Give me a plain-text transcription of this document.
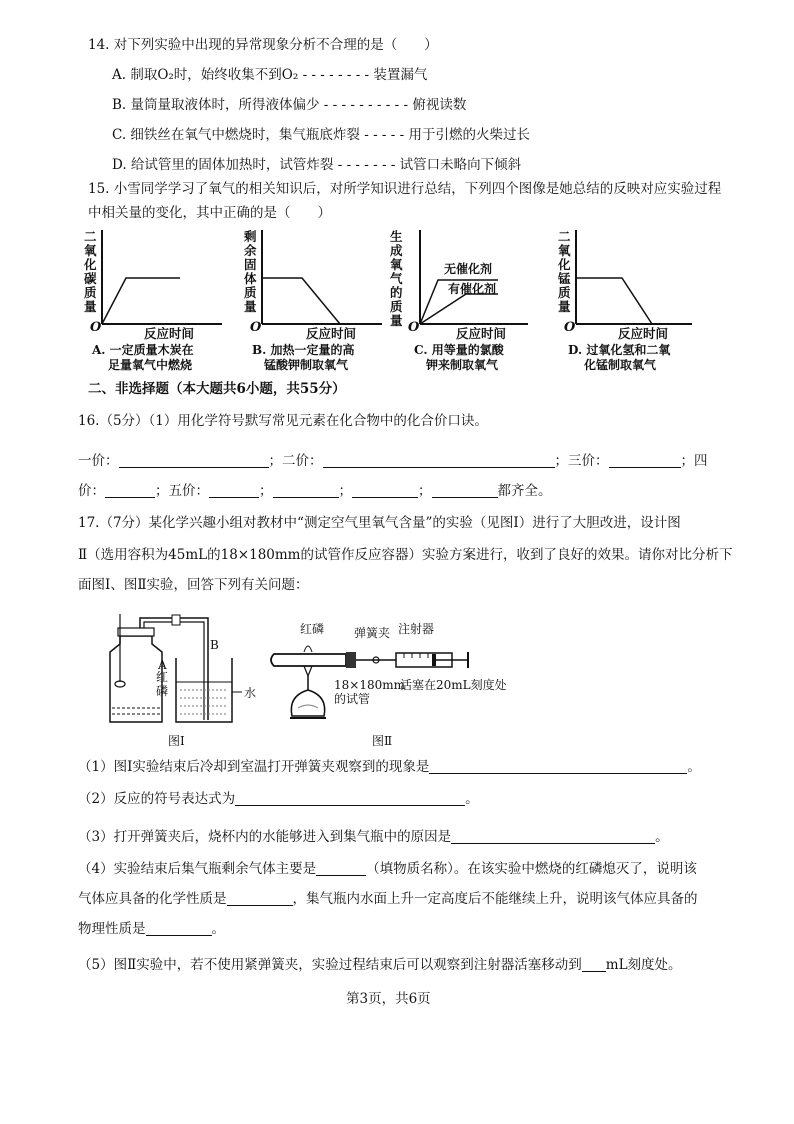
14. 对下列实验中出现的异常现象分析不合理的是（　　）
A. 制取O₂时，始终收集不到O₂ - - - - - - - - 装置漏气
B. 量筒量取液体时，所得液体偏少 - - - - - - - - - - 俯视读数
C. 细铁丝在氧气中燃烧时，集气瓶底炸裂 - - - - - 用于引燃的火柴过长
D. 给试管里的固体加热时，试管炸裂 - - - - - - - 试管口未略向下倾斜
15. 小雪同学学习了氧气的相关知识后，对所学知识进行总结，下列四个图像是她总结的反映对应实验过程
中相关量的变化，其中正确的是（　　）
二氧化碳质量
O	反应时间
A. 一定质量木炭在
足量氧气中燃烧
剩余固体质量
O	反应时间
B. 加热一定量的高
锰酸钾制取氧气
生成氧气的质量
无催化剂
有催化剂
O	反应时间
C. 用等量的氯酸
钾来制取氧气
二氧化锰质量
O	反应时间
D. 过氧化氢和二氧
化锰制取氧气
二、非选择题（本大题共6小题，共55分）
16.（5分）（1）用化学符号默写常见元素在化合物中的化合价口诀。
一价：	；二价：	；三价：	；四
价：	；五价：	；	；	；	都齐全。
17.（7分）某化学兴趣小组对教材中“测定空气里氧气含量”的实验（见图Ⅰ）进行了大胆改进，设计图
Ⅱ（选用容积为45mL的18×180mm的试管作反应容器）实验方案进行，收到了良好的效果。请你对比分析下
面图Ⅰ、图Ⅱ实验，回答下列有关问题：
A
B
红磷	水
图Ⅰ
红磷 弹簧夹 注射器
18×180mm的试管
活塞在20mL刻度处
图Ⅱ
（1）图Ⅰ实验结束后冷却到室温打开弹簧夹观察到的现象是	。
（2）反应的符号表达式为	。
（3）打开弹簧夹后，烧杯内的水能够进入到集气瓶中的原因是	。
（4）实验结束后集气瓶剩余气体主要是	（填物质名称）。在该实验中燃烧的红磷熄灭了，说明该
气体应具备的化学性质是	，集气瓶内水面上升一定高度后不能继续上升，说明该气体应具备的
物理性质是	。
（5）图Ⅱ实验中，若不使用紧弹簧夹，实验过程结束后可以观察到注射器活塞移动到 mL刻度处。
第3页，共6页
